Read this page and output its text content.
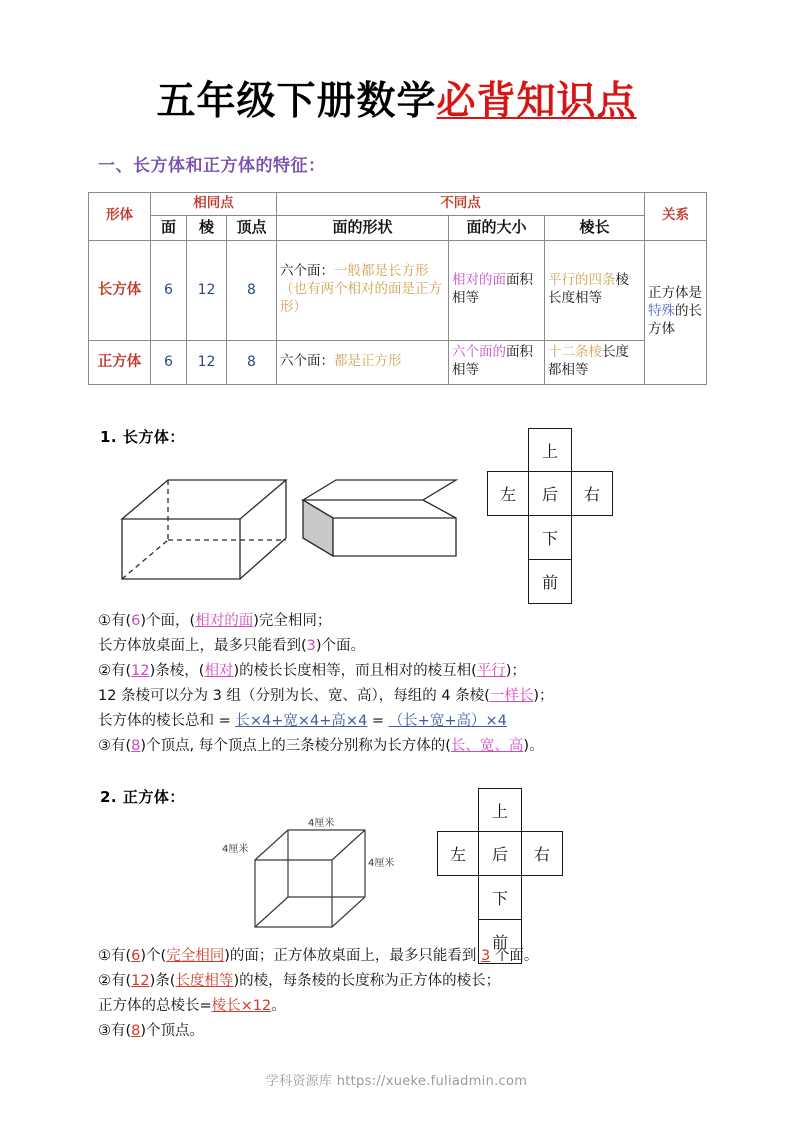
五年级下册数学必背知识点
一、长方体和正方体的特征：
形体	相同点			不同点			关系
	面	棱	顶点	面的形状	面的大小	棱长	
长方体	6	12	8	六个面：一般都是长方形（也有两个相对的面是正方形）	相对的面面积相等	平行的四条棱长度相等	正方体是特殊的长方体
正方体	6	12	8	六个面：都是正方形	六个面的面积相等	十二条棱长度都相等	
1. 长方体：
上
左	后	右
下
前
①有(6)个面，(相对的面)完全相同；
长方体放桌面上，最多只能看到(3)个面。
②有(12)条棱，(相对)的棱长长度相等，而且相对的棱互相(平行)；
12 条棱可以分为 3 组（分别为长、宽、高），每组的 4 条棱(一样长)；
长方体的棱长总和 = 长×4+宽×4+高×4 = （长+宽+高）×4
③有(8)个顶点, 每个顶点上的三条棱分别称为长方体的(长、宽、高)。
2. 正方体：
4厘米
4厘米
4厘米
上
左	后	右
下
前
①有(6)个(完全相同)的面；正方体放桌面上，最多只能看到 3 个面。
②有(12)条(长度相等)的棱，每条棱的长度称为正方体的棱长；
正方体的总棱长=棱长×12。
③有(8)个顶点。
学科资源库 https://xueke.fuliadmin.com
